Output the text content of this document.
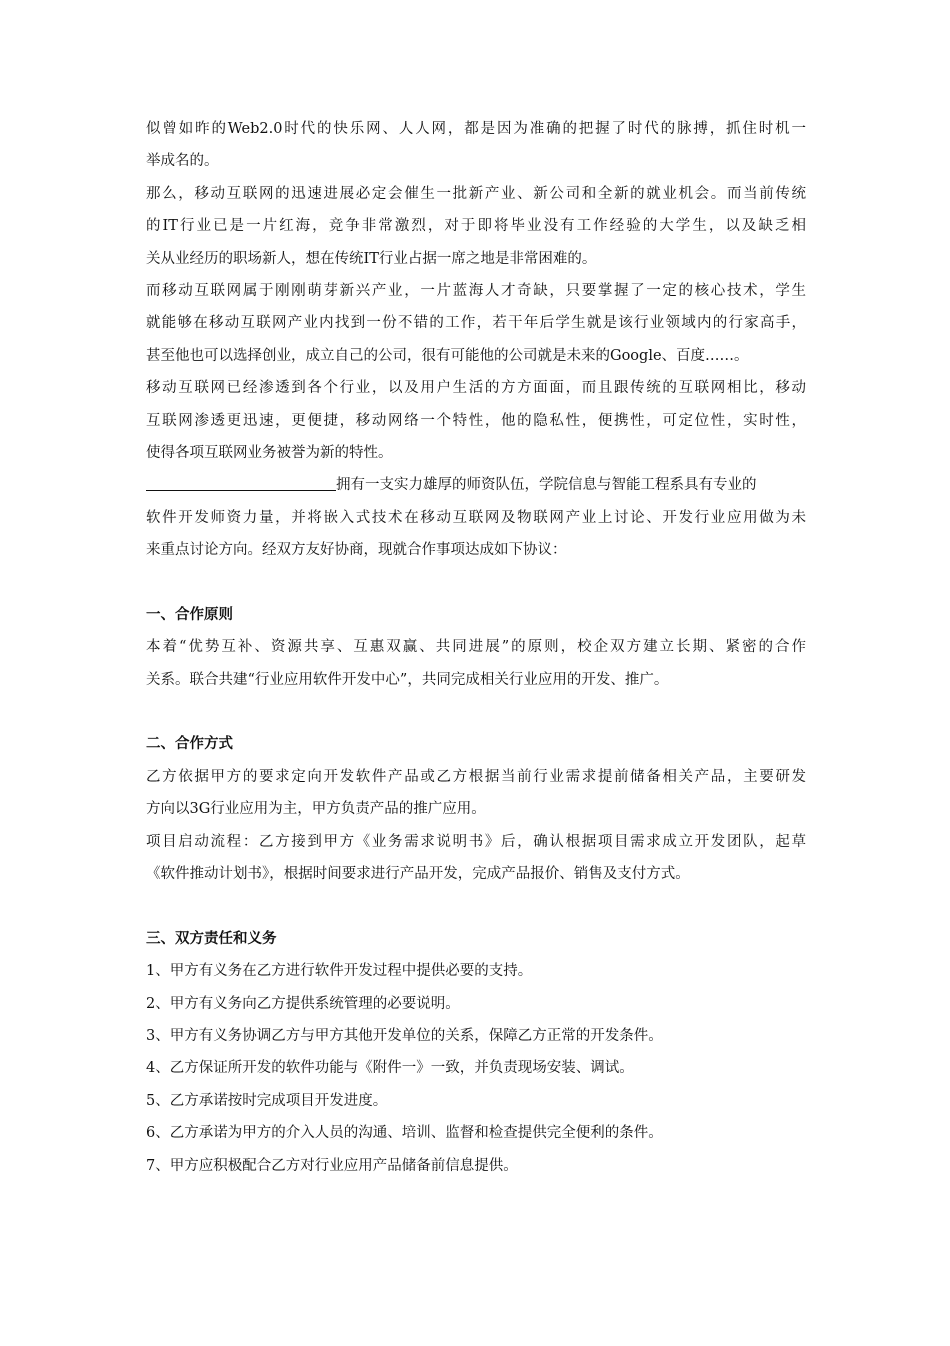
似曾如昨的Web2.0时代的快乐网、人人网，都是因为准确的把握了时代的脉搏，抓住时机一
举成名的。
那么，移动互联网的迅速进展必定会催生一批新产业、新公司和全新的就业机会。而当前传统
的IT行业已是一片红海，竞争非常激烈，对于即将毕业没有工作经验的大学生，以及缺乏相
关从业经历的职场新人，想在传统IT行业占据一席之地是非常困难的。
而移动互联网属于刚刚萌芽新兴产业，一片蓝海人才奇缺，只要掌握了一定的核心技术，学生
就能够在移动互联网产业内找到一份不错的工作，若干年后学生就是该行业领域内的行家高手，
甚至他也可以选择创业，成立自己的公司，很有可能他的公司就是未来的Google、百度……。
移动互联网已经渗透到各个行业，以及用户生活的方方面面，而且跟传统的互联网相比，移动
互联网渗透更迅速，更便捷，移动网络一个特性，他的隐私性，便携性，可定位性，实时性，
使得各项互联网业务被誉为新的特性。
拥有一支实力雄厚的师资队伍，学院信息与智能工程系具有专业的
软件开发师资力量，并将嵌入式技术在移动互联网及物联网产业上讨论、开发行业应用做为未
来重点讨论方向。经双方友好协商，现就合作事项达成如下协议：
一、合作原则
本着“优势互补、资源共享、互惠双赢、共同进展”的原则，校企双方建立长期、紧密的合作
关系。联合共建“行业应用软件开发中心”，共同完成相关行业应用的开发、推广。
二、合作方式
乙方依据甲方的要求定向开发软件产品或乙方根据当前行业需求提前储备相关产品，主要研发
方向以3G行业应用为主，甲方负责产品的推广应用。
项目启动流程：乙方接到甲方《业务需求说明书》后，确认根据项目需求成立开发团队，起草
《软件推动计划书》，根据时间要求进行产品开发，完成产品报价、销售及支付方式。
三、双方责任和义务
1、甲方有义务在乙方进行软件开发过程中提供必要的支持。
2、甲方有义务向乙方提供系统管理的必要说明。
3、甲方有义务协调乙方与甲方其他开发单位的关系，保障乙方正常的开发条件。
4、乙方保证所开发的软件功能与《附件一》一致，并负责现场安装、调试。
5、乙方承诺按时完成项目开发进度。
6、乙方承诺为甲方的介入人员的沟通、培训、监督和检查提供完全便利的条件。
7、甲方应积极配合乙方对行业应用产品储备前信息提供。
